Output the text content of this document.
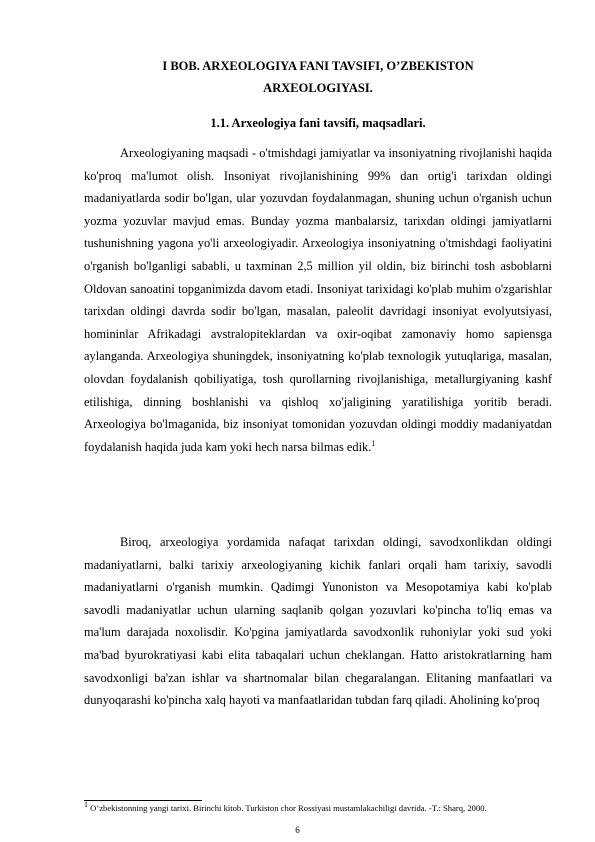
I BOB. ARXEOLOGIYA FANI TAVSIFI, O’ZBEKISTON
ARXEOLOGIYASI.
1.1. Arxeologiya fani tavsifi, maqsadlari.

Arxeologiyaning maqsadi - o'tmishdagi jamiyatlar va insoniyatning rivojlanishi haqida ko'proq ma'lumot olish. Insoniyat rivojlanishining 99% dan ortig'i tarixdan oldingi madaniyatlarda sodir bo'lgan, ular yozuvdan foydalanmagan, shuning uchun o'rganish uchun yozma yozuvlar mavjud emas. Bunday yozma manbalarsiz, tarixdan oldingi jamiyatlarni tushunishning yagona yo'li arxeologiyadir. Arxeologiya insoniyatning o'tmishdagi faoliyatini o'rganish bo'lganligi sababli, u taxminan 2,5 million yil oldin, biz birinchi tosh asboblarni Oldovan sanoatini topganimizda davom etadi. Insoniyat tarixidagi ko'plab muhim o'zgarishlar tarixdan oldingi davrda sodir bo'lgan, masalan, paleolit davridagi insoniyat evolyutsiyasi, homininlar Afrikadagi avstralopiteklardan va oxir-oqibat zamonaviy homo sapiensga aylanganda. Arxeologiya shuningdek, insoniyatning ko'plab texnologik yutuqlariga, masalan, olovdan foydalanish qobiliyatiga, tosh qurollarning rivojlanishiga, metallurgiyaning kashf etilishiga, dinning boshlanishi va qishloq xo'jaligining yaratilishiga yoritib beradi. Arxeologiya bo'lmaganida, biz insoniyat tomonidan yozuvdan oldingi moddiy madaniyatdan foydalanish haqida juda kam yoki hech narsa bilmas edik.$^1$

Biroq, arxeologiya yordamida nafaqat tarixdan oldingi, savodxonlikdan oldingi madaniyatlarni, balki tarixiy arxeologiyaning kichik fanlari orqali ham tarixiy, savodli madaniyatlarni o'rganish mumkin. Qadimgi Yunoniston va Mesopotamiya kabi ko'plab savodli madaniyatlar uchun ularning saqlanib qolgan yozuvlari ko'pincha to'liq emas va ma'lum darajada noxolisdir. Ko'pgina jamiyatlarda savodxonlik ruhoniylar yoki sud yoki ma'bad byurokratiyasi kabi elita tabaqalari uchun cheklangan. Hatto aristokratlarning ham savodxonligi ba'zan ishlar va shartnomalar bilan chegaralangan. Elitaning manfaatlari va dunyoqarashi ko'pincha xalq hayoti va manfaatlaridan tubdan farq qiladi. Aholining ko'proq

$^1$ O’zbekistonning yangi tarixi. Birinchi kitob. Turkiston chor Rossiyasi mustamlakachiligi davrida. -T.: Sharq, 2000.

6
